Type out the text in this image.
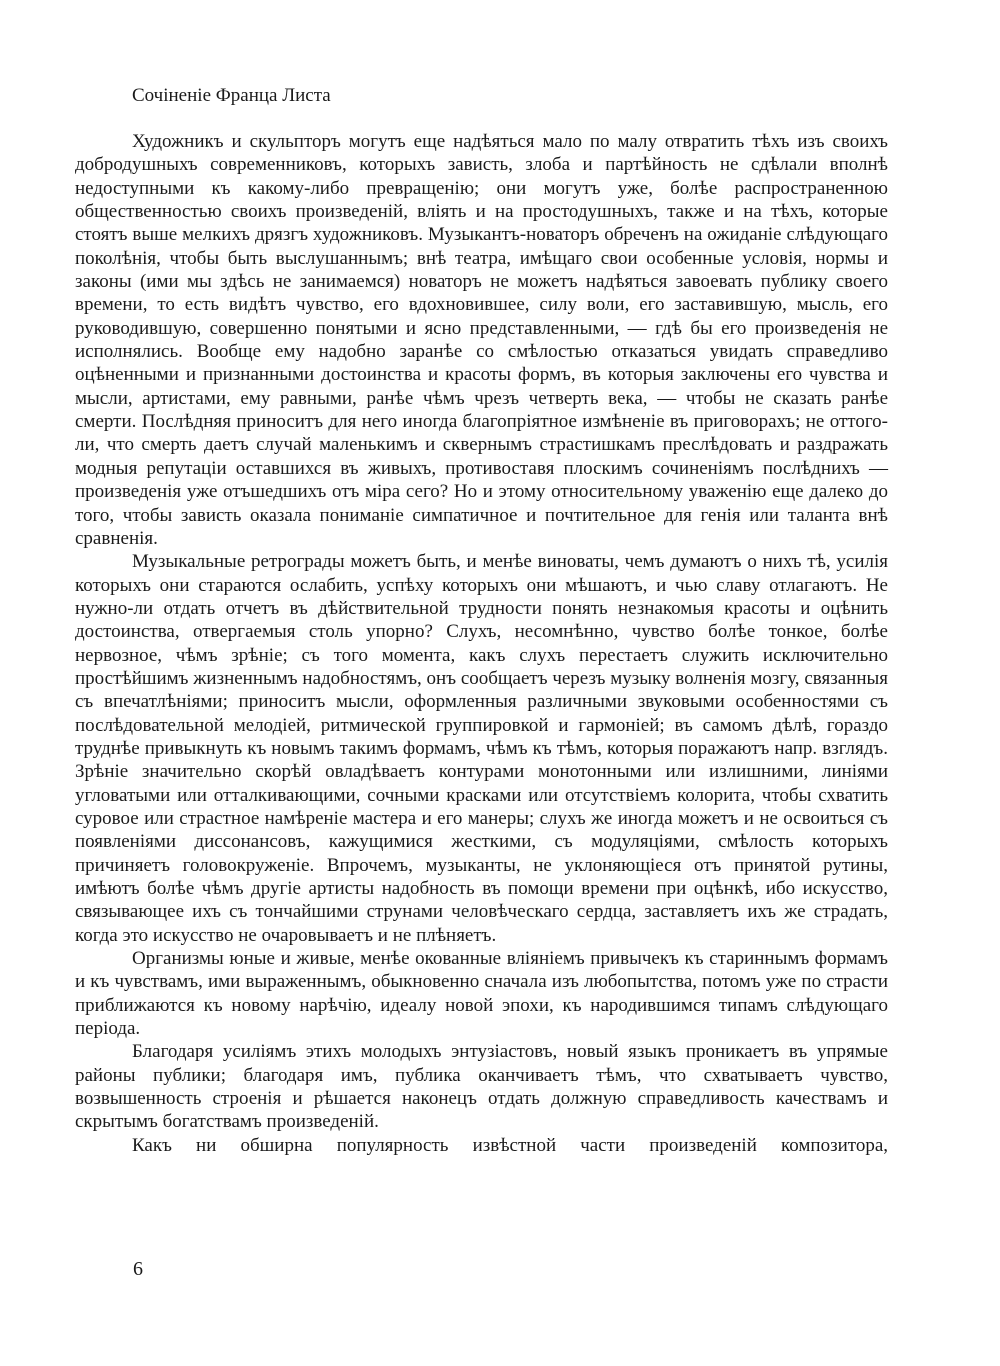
Сочiненiе Франца Листа

Художникъ и скульпторъ могутъ еще надѣяться мало по малу отвратить тѣхъ изъ своихъ добродушныхъ современниковъ, которыхъ зависть, злоба и партѣйность не сдѣлали вполнѣ недоступными къ какому-либо превращенiю; они могутъ уже, болѣе распространенною общественностью своихъ произведенiй, влiять и на простодушныхъ, также и на тѣхъ, которые стоятъ выше мелкихъ дрязгъ художниковъ. Музыкантъ-новаторъ обреченъ на ожиданiе слѣдующаго поколѣнiя, чтобы быть выслушаннымъ; внѣ театра, имѣщаго свои особенные условiя, нормы и законы (ими мы здѣсь не занимаемся) новаторъ не можетъ надѣяться завоевать публику своего времени, то есть видѣтъ чувство, его вдохновившее, силу воли, его заставившую, мысль, его руководившую, совершенно понятыми и ясно представленными, — гдѣ бы его произведенiя не исполнялись. Вообще ему надобно заранѣе со смѣлостью отказаться увидать справедливо оцѣненными и признанными достоинства и красоты формъ, въ которыя заключены его чувства и мысли, артистами, ему равными, ранѣе чѣмъ чрезъ четверть века, — чтобы не сказать ранѣе смерти. Послѣдняя приноситъ для него иногда благопрiятное измѣненiе въ приговорахъ; не оттого-ли, что смерть даетъ случай маленькимъ и сквернымъ страстишкамъ преслѣдовать и раздражать модныя репутацiи оставшихся въ живыхъ, противоставя плоскимъ сочиненiямъ послѣднихъ — произведенiя уже отъшедшихъ отъ мiра сего? Но и этому относительному уваженiю еще далеко до того, чтобы зависть оказала пониманiе симпатичное и почтительное для генiя или таланта внѣ сравненiя.

Музыкальные ретрограды можетъ быть, и менѣе виноваты, чемъ думаютъ о нихъ тѣ, усилiя которыхъ они стараются ослабить, успѣху которыхъ они мѣшаютъ, и чью славу отлагаютъ. Не нужно-ли отдать отчетъ въ дѣйствительной трудности понять незнакомыя красоты и оцѣнить достоинства, отвергаемыя столь упорно? Слухъ, несомнѣнно, чувство болѣе тонкое, болѣе нервозное, чѣмъ зрѣнiе; съ того момента, какъ слухъ перестаетъ служить исключительно простѣйшимъ жизненнымъ надобностямъ, онъ сообщаетъ черезъ музыку волненiя мозгу, связанныя съ впечатлѣнiями; приноситъ мысли, оформленныя различными звуковыми особенностями съ послѣдовательной мелодiей, ритмической группировкой и гармонiей; въ самомъ дѣлѣ, гораздо труднѣе привыкнуть къ новымъ такимъ формамъ, чѣмъ къ тѣмъ, которыя поражаютъ напр. взглядъ. Зрѣнiе значительно скорѣй овладѣваетъ контурами монотонными или излишними, линiями угловатыми или отталкивающими, сочными красками или отсутствiемъ колорита, чтобы схватить суровое или страстное намѣренiе мастера и его манеры; слухъ же иногда можетъ и не освоиться съ появленiями диссонансовъ, кажущимися жесткими, съ модуляцiями, смѣлость которыхъ причиняетъ головокруженiе. Впрочемъ, музыканты, не уклоняющiеся отъ принятой рутины, имѣютъ болѣе чѣмъ другiе артисты надобность въ помощи времени при оцѣнкѣ, ибо искусство, связывающее ихъ съ тончайшими струнами человѣческаго сердца, заставляетъ ихъ же страдать, когда это искусство не очаровываетъ и не плѣняетъ.

Организмы юные и живые, менѣе окованные влiянiемъ привычекъ къ стариннымъ формамъ и къ чувствамъ, ими выраженнымъ, обыкновенно сначала изъ любопытства, потомъ уже по страсти приближаются къ новому нарѣчiю, идеалу новой эпохи, къ народившимся типамъ слѣдующаго перiода.

Благодаря усилiямъ этихъ молодыхъ энтузiастовъ, новый языкъ проникаетъ въ упрямые районы публики; благодаря имъ, публика оканчиваетъ тѣмъ, что схватываетъ чувство, возвышенность строенiя и рѣшается наконецъ отдать должную справедливость качествамъ и скрытымъ богатствамъ произведенiй.

Какъ ни обширна популярность извѣстной части произведенiй композитора,

6
